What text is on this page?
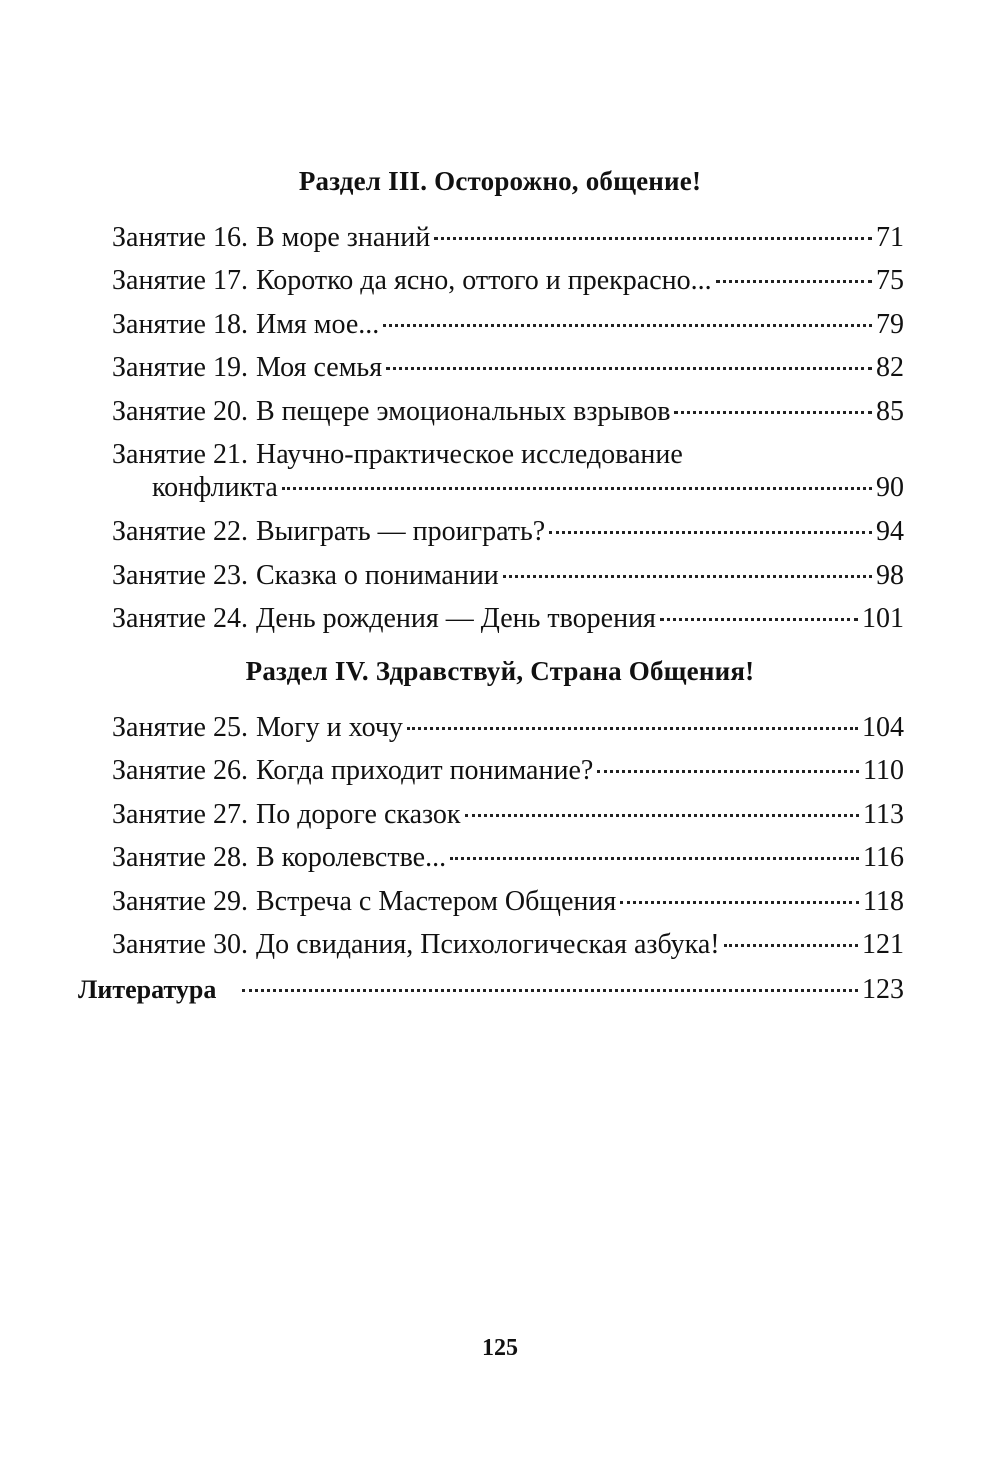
Раздел III. Осторожно, общение!
Занятие 16. В море знаний	71
Занятие 17. Коротко да ясно, оттого и прекрасно...	75
Занятие 18. Имя мое...	79
Занятие 19. Моя семья	82
Занятие 20. В пещере эмоциональных взрывов	85
Занятие 21. Научно-практическое исследование
конфликта	90
Занятие 22. Выиграть — проиграть?	94
Занятие 23. Сказка о понимании	98
Занятие 24. День рождения — День творения	101
Раздел IV. Здравствуй, Страна Общения!
Занятие 25. Могу и хочу	104
Занятие 26. Когда приходит понимание?	110
Занятие 27. По дороге сказок	113
Занятие 28. В королевстве...	116
Занятие 29. Встреча с Мастером Общения	118
Занятие 30. До свидания, Психологическая азбука!	121
Литература	123
125
